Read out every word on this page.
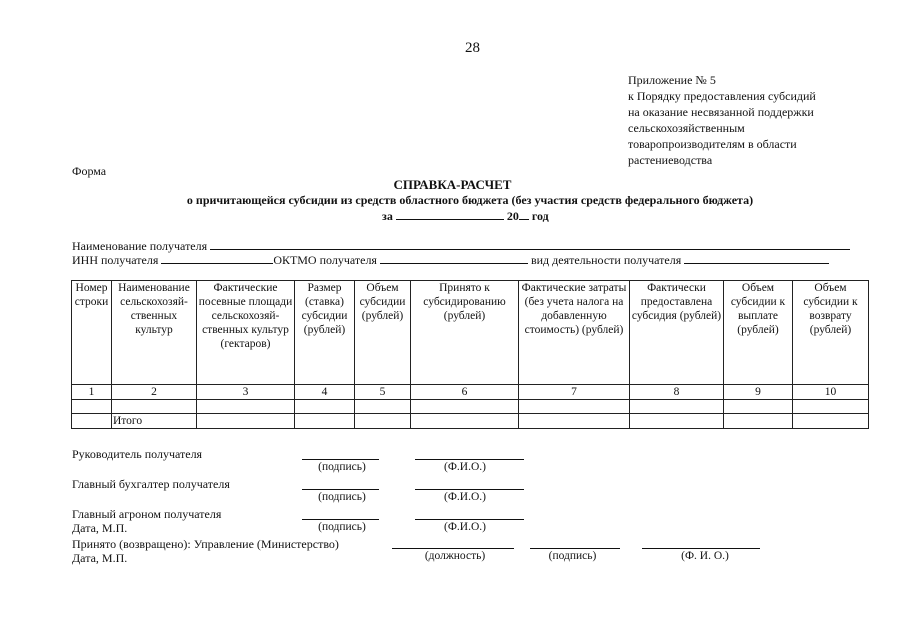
28
Приложение № 5
к Порядку предоставления субсидий
на оказание несвязанной поддержки
сельскохозяйственным
товаропроизводителям в области
растениеводства
Форма
СПРАВКА-РАСЧЕТ
о причитающейся субсидии из средств областного бюджета (без участия средств федерального бюджета)
за	20 год
Наименование получателя
ИНН получателя	ОКТМО получателя	вид деятельности получателя
Номер строки	Наименование сельскохозяй-ственных культур	Фактические посевные площади сельскохозяй-ственных культур (гектаров)	Размер (ставка) субсидии (рублей)	Объем субсидии (рублей)	Принято к субсидированию (рублей)	Фактические затраты (без учета налога на добавленную стоимость) (рублей)	Фактически предоставлена субсидия (рублей)	Объем субсидии к выплате (рублей)	Объем субсидии к возврату (рублей)
1	2	3	4	5	6	7	8	9	10

	Итого								
Руководитель получателя
(подпись)	(Ф.И.О.)
Главный бухгалтер получателя
(подпись)	(Ф.И.О.)
Главный агроном получателя
Дата, М.П.	(подпись)	(Ф.И.О.)
Принято (возвращено): Управление (Министерство)
Дата, М.П.	(должность)	(подпись)	(Ф. И. О.)
